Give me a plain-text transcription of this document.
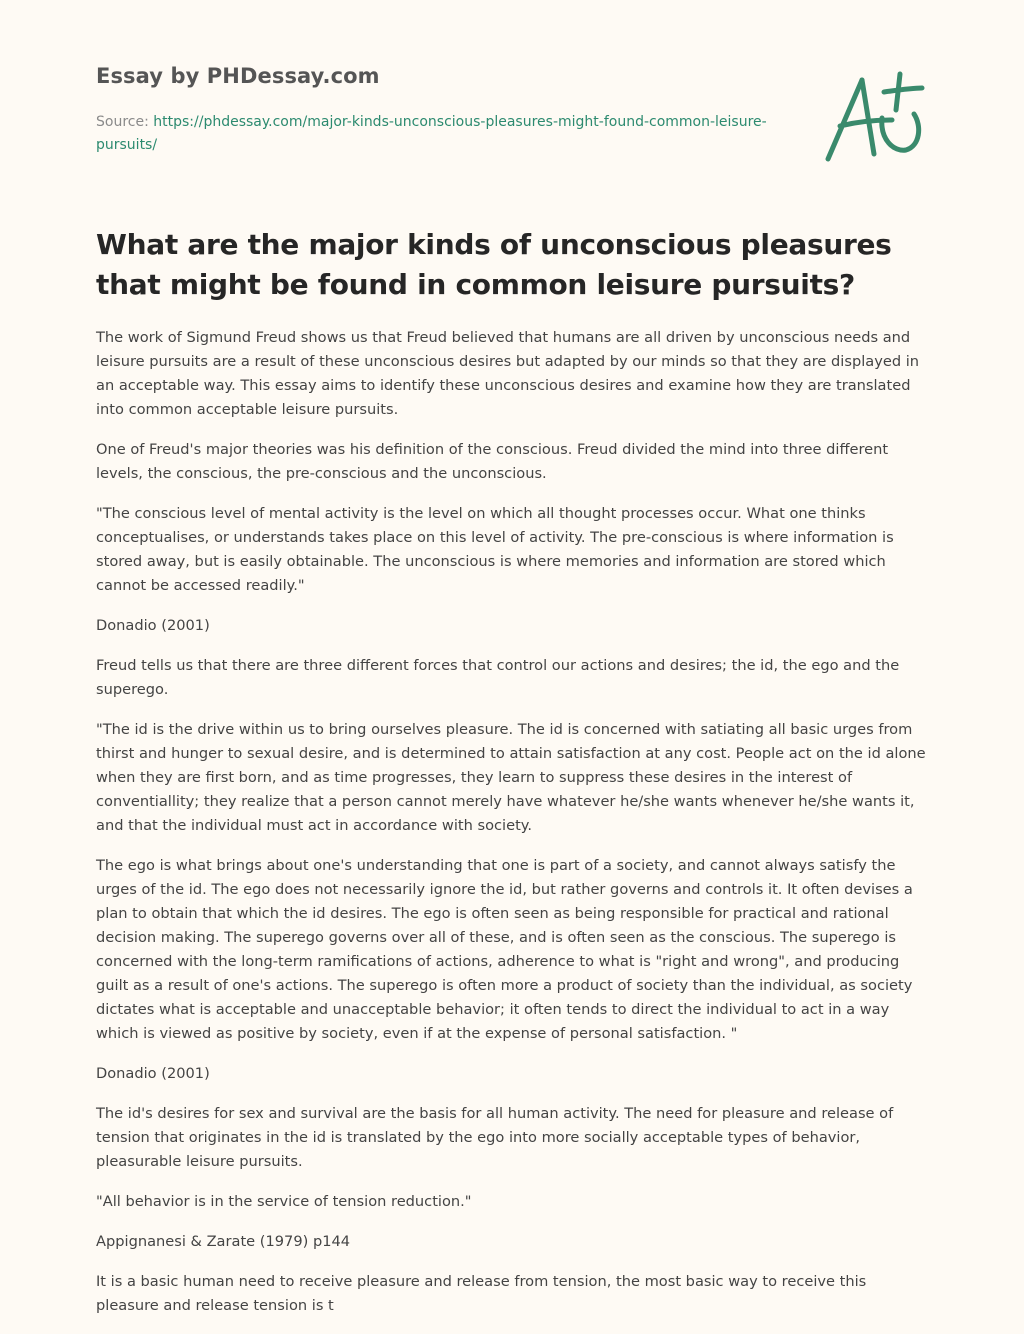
Essay by PHDessay.com
Source: https://phdessay.com/major-kinds-unconscious-pleasures-might-found-common-leisure-pursuits/
What are the major kinds of unconscious pleasures that might be found in common leisure pursuits?

The work of Sigmund Freud shows us that Freud believed that humans are all driven by unconscious needs and leisure pursuits are a result of these unconscious desires but adapted by our minds so that they are displayed in an acceptable way. This essay aims to identify these unconscious desires and examine how they are translated into common acceptable leisure pursuits.

One of Freud's major theories was his definition of the conscious. Freud divided the mind into three different levels, the conscious, the pre-conscious and the unconscious.

"The conscious level of mental activity is the level on which all thought processes occur. What one thinks conceptualises, or understands takes place on this level of activity. The pre-conscious is where information is stored away, but is easily obtainable. The unconscious is where memories and information are stored which cannot be accessed readily."

Donadio (2001)

Freud tells us that there are three different forces that control our actions and desires; the id, the ego and the superego.

"The id is the drive within us to bring ourselves pleasure. The id is concerned with satiating all basic urges from thirst and hunger to sexual desire, and is determined to attain satisfaction at any cost. People act on the id alone when they are first born, and as time progresses, they learn to suppress these desires in the interest of conventiallity; they realize that a person cannot merely have whatever he/she wants whenever he/she wants it, and that the individual must act in accordance with society.

The ego is what brings about one's understanding that one is part of a society, and cannot always satisfy the urges of the id. The ego does not necessarily ignore the id, but rather governs and controls it. It often devises a plan to obtain that which the id desires. The ego is often seen as being responsible for practical and rational decision making. The superego governs over all of these, and is often seen as the conscious. The superego is concerned with the long-term ramifications of actions, adherence to what is "right and wrong", and producing guilt as a result of one's actions. The superego is often more a product of society than the individual, as society dictates what is acceptable and unacceptable behavior; it often tends to direct the individual to act in a way which is viewed as positive by society, even if at the expense of personal satisfaction. "

Donadio (2001)

The id's desires for sex and survival are the basis for all human activity. The need for pleasure and release of tension that originates in the id is translated by the ego into more socially acceptable types of behavior, pleasurable leisure pursuits.

"All behavior is in the service of tension reduction."

Appignanesi & Zarate (1979) p144

It is a basic human need to receive pleasure and release from tension, the most basic way to receive this pleasure and release tension is t
